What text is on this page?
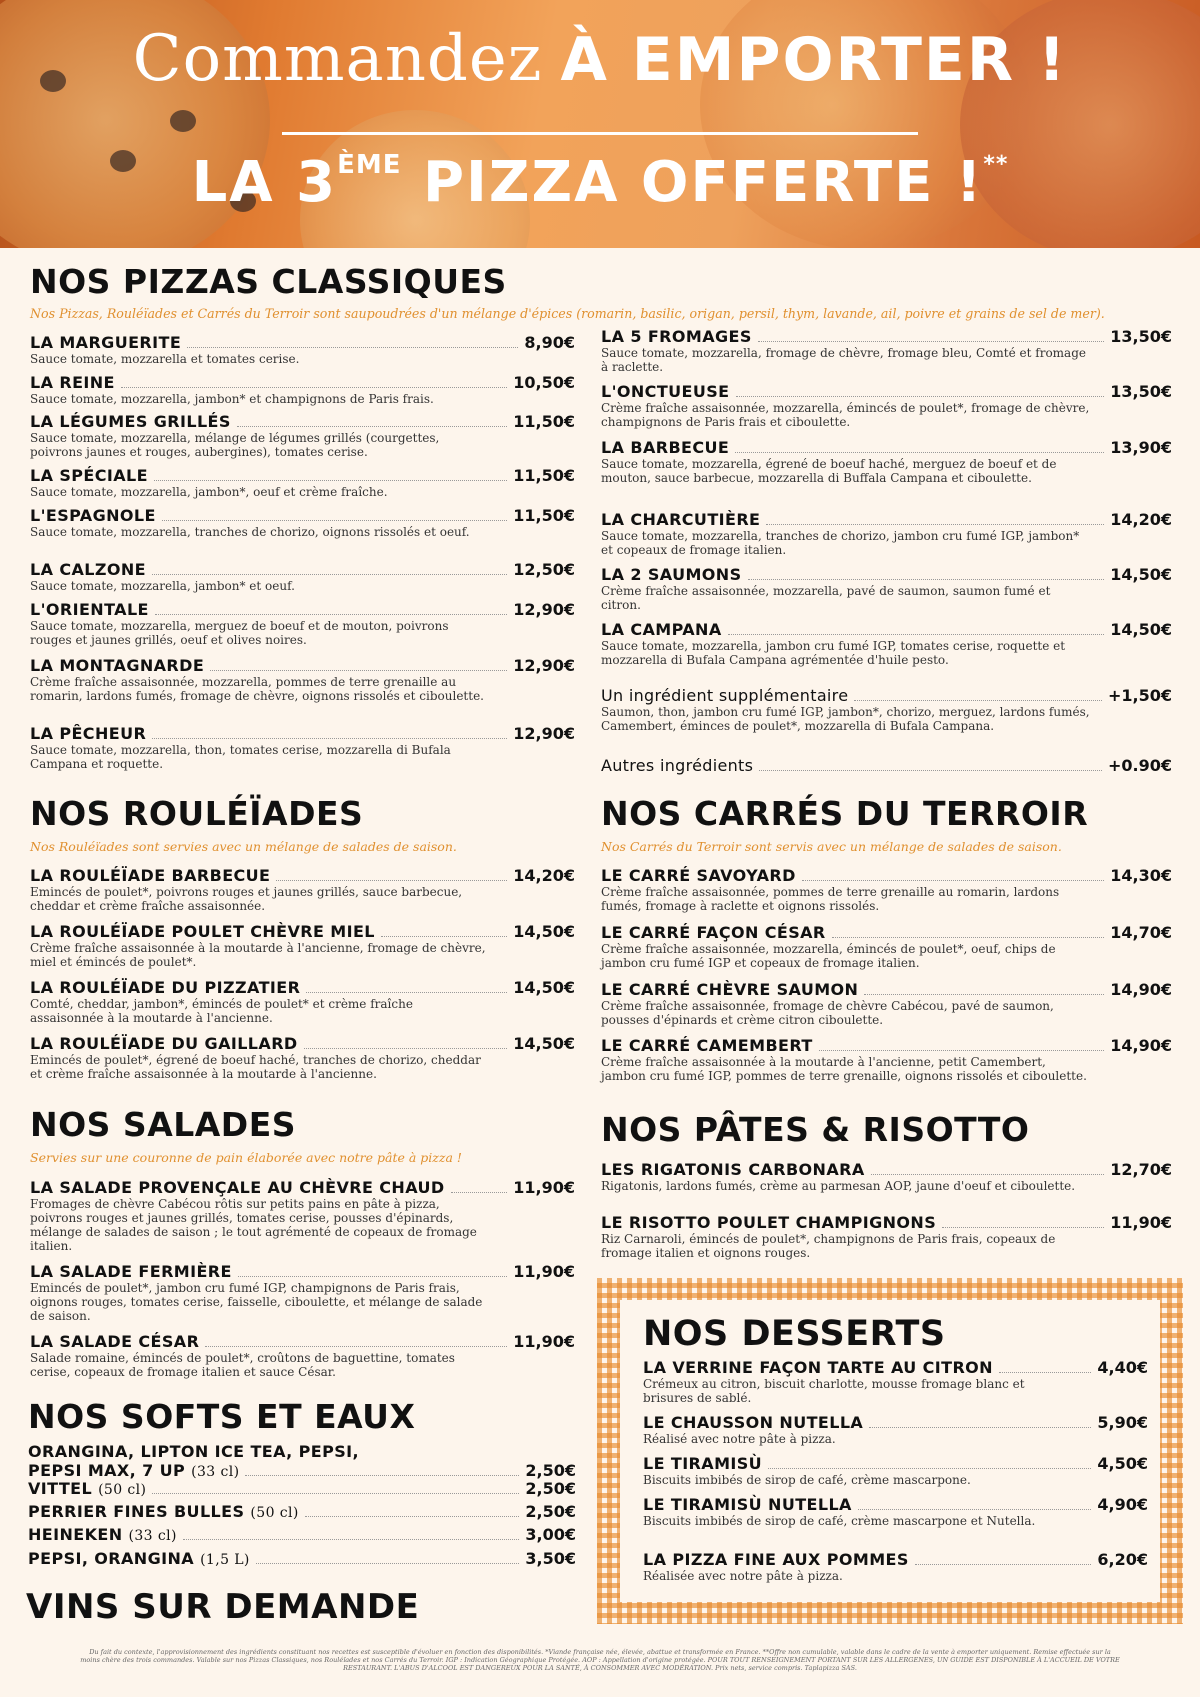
Commandez À EMPORTER !
LA 3ÈME PIZZA OFFERTE !**
NOS PIZZAS CLASSIQUES
Nos Pizzas, Rouléïades et Carrés du Terroir sont saupoudrées d'un mélange d'épices (romarin, basilic, origan, persil, thym, lavande, ail, poivre et grains de sel de mer).
LA MARGUERITE	8,90€
Sauce tomate, mozzarella et tomates cerise.
LA REINE	10,50€
Sauce tomate, mozzarella, jambon* et champignons de Paris frais.
LA LÉGUMES GRILLÉS	11,50€
Sauce tomate, mozzarella, mélange de légumes grillés (courgettes, poivrons jaunes et rouges, aubergines), tomates cerise.
LA SPÉCIALE	11,50€
Sauce tomate, mozzarella, jambon*, oeuf et crème fraîche.
L'ESPAGNOLE	11,50€
Sauce tomate, mozzarella, tranches de chorizo, oignons rissolés et oeuf.
LA CALZONE	12,50€
Sauce tomate, mozzarella, jambon* et oeuf.
L'ORIENTALE	12,90€
Sauce tomate, mozzarella, merguez de boeuf et de mouton, poivrons rouges et jaunes grillés, oeuf et olives noires.
LA MONTAGNARDE	12,90€
Crème fraîche assaisonnée, mozzarella, pommes de terre grenaille au romarin, lardons fumés, fromage de chèvre, oignons rissolés et ciboulette.
LA PÊCHEUR	12,90€
Sauce tomate, mozzarella, thon, tomates cerise, mozzarella di Bufala Campana et roquette.
LA 5 FROMAGES	13,50€
Sauce tomate, mozzarella, fromage de chèvre, fromage bleu, Comté et fromage à raclette.
L'ONCTUEUSE	13,50€
Crème fraîche assaisonnée, mozzarella, émincés de poulet*, fromage de chèvre, champignons de Paris frais et ciboulette.
LA BARBECUE	13,90€
Sauce tomate, mozzarella, égrené de boeuf haché, merguez de boeuf et de mouton, sauce barbecue, mozzarella di Buffala Campana et ciboulette.
LA CHARCUTIÈRE	14,20€
Sauce tomate, mozzarella, tranches de chorizo, jambon cru fumé IGP, jambon* et copeaux de fromage italien.
LA 2 SAUMONS	14,50€
Crème fraîche assaisonnée, mozzarella, pavé de saumon, saumon fumé et citron.
LA CAMPANA	14,50€
Sauce tomate, mozzarella, jambon cru fumé IGP, tomates cerise, roquette et mozzarella di Bufala Campana agrémentée d'huile pesto.
Un ingrédient supplémentaire	+1,50€
Saumon, thon, jambon cru fumé IGP, jambon*, chorizo, merguez, lardons fumés, Camembert, éminces de poulet*, mozzarella di Bufala Campana.
Autres ingrédients	+0.90€
NOS ROULÉÏADES
Nos Rouléïades sont servies avec un mélange de salades de saison.
LA ROULÉÏADE BARBECUE	14,20€
Emincés de poulet*, poivrons rouges et jaunes grillés, sauce barbecue, cheddar et crème fraîche assaisonnée.
LA ROULÉÏADE POULET CHÈVRE MIEL	14,50€
Crème fraîche assaisonnée à la moutarde à l'ancienne, fromage de chèvre, miel et émincés de poulet*.
LA ROULÉÏADE DU PIZZATIER	14,50€
Comté, cheddar, jambon*, émincés de poulet* et crème fraîche assaisonnée à la moutarde à l'ancienne.
LA ROULÉÏADE DU GAILLARD	14,50€
Emincés de poulet*, égrené de boeuf haché, tranches de chorizo, cheddar et crème fraîche assaisonnée à la moutarde à l'ancienne.
NOS CARRÉS DU TERROIR
Nos Carrés du Terroir sont servis avec un mélange de salades de saison.
LE CARRÉ SAVOYARD	14,30€
Crème fraîche assaisonnée, pommes de terre grenaille au romarin, lardons fumés, fromage à raclette et oignons rissolés.
LE CARRÉ FAÇON CÉSAR	14,70€
Crème fraîche assaisonnée, mozzarella, émincés de poulet*, oeuf, chips de jambon cru fumé IGP et copeaux de fromage italien.
LE CARRÉ CHÈVRE SAUMON	14,90€
Crème fraîche assaisonnée, fromage de chèvre Cabécou, pavé de saumon, pousses d'épinards et crème citron ciboulette.
LE CARRÉ CAMEMBERT	14,90€
Crème fraîche assaisonnée à la moutarde à l'ancienne, petit Camembert, jambon cru fumé IGP, pommes de terre grenaille, oignons rissolés et ciboulette.
NOS SALADES
Servies sur une couronne de pain élaborée avec notre pâte à pizza !
LA SALADE PROVENÇALE AU CHÈVRE CHAUD	11,90€
Fromages de chèvre Cabécou rôtis sur petits pains en pâte à pizza, poivrons rouges et jaunes grillés, tomates cerise, pousses d'épinards, mélange de salades de saison ; le tout agrémenté de copeaux de fromage italien.
LA SALADE FERMIÈRE	11,90€
Emincés de poulet*, jambon cru fumé IGP, champignons de Paris frais, oignons rouges, tomates cerise, faisselle, ciboulette, et mélange de salade de saison.
LA SALADE CÉSAR	11,90€
Salade romaine, émincés de poulet*, croûtons de baguettine, tomates cerise, copeaux de fromage italien et sauce César.
NOS PÂTES & RISOTTO
LES RIGATONIS CARBONARA	12,70€
Rigatonis, lardons fumés, crème au parmesan AOP, jaune d'oeuf et ciboulette.
LE RISOTTO POULET CHAMPIGNONS	11,90€
Riz Carnaroli, émincés de poulet*, champignons de Paris frais, copeaux de fromage italien et oignons rouges.
NOS SOFTS ET EAUX
ORANGINA, LIPTON ICE TEA, PEPSI,
PEPSI MAX, 7 UP (33 cl)	2,50€
VITTEL (50 cl)	2,50€
PERRIER FINES BULLES (50 cl)	2,50€
HEINEKEN (33 cl)	3,00€
PEPSI, ORANGINA (1,5 L)	3,50€
VINS SUR DEMANDE
NOS DESSERTS
LA VERRINE FAÇON TARTE AU CITRON	4,40€
Crémeux au citron, biscuit charlotte, mousse fromage blanc et brisures de sablé.
LE CHAUSSON NUTELLA	5,90€
Réalisé avec notre pâte à pizza.
LE TIRAMISÙ	4,50€
Biscuits imbibés de sirop de café, crème mascarpone.
LE TIRAMISÙ NUTELLA	4,90€
Biscuits imbibés de sirop de café, crème mascarpone et Nutella.
LA PIZZA FINE AUX POMMES	6,20€
Réalisée avec notre pâte à pizza.
Du fait du contexte, l'approvisionnement des ingrédients constituant nos recettes est susceptible d'évoluer en fonction des disponibilités. *Viande française née, élevée, abattue et transformée en France. **Offre non cumulable, valable dans le cadre de la vente à emporter uniquement. Remise effectuée sur la moins chère des trois commandes. Valable sur nos Pizzas Classiques, nos Rouléïades et nos Carrés du Terroir. IGP : Indication Géographique Protégée. AOP : Appellation d'origine protégée. POUR TOUT RENSEIGNEMENT PORTANT SUR LES ALLERGENES, UN GUIDE EST DISPONIBLE À L'ACCUEIL DE VOTRE RESTAURANT. L'ABUS D'ALCOOL EST DANGEREUX POUR LA SANTÉ, À CONSOMMER AVEC MODÉRATION. Prix nets, service compris. Taplapizza SAS.
